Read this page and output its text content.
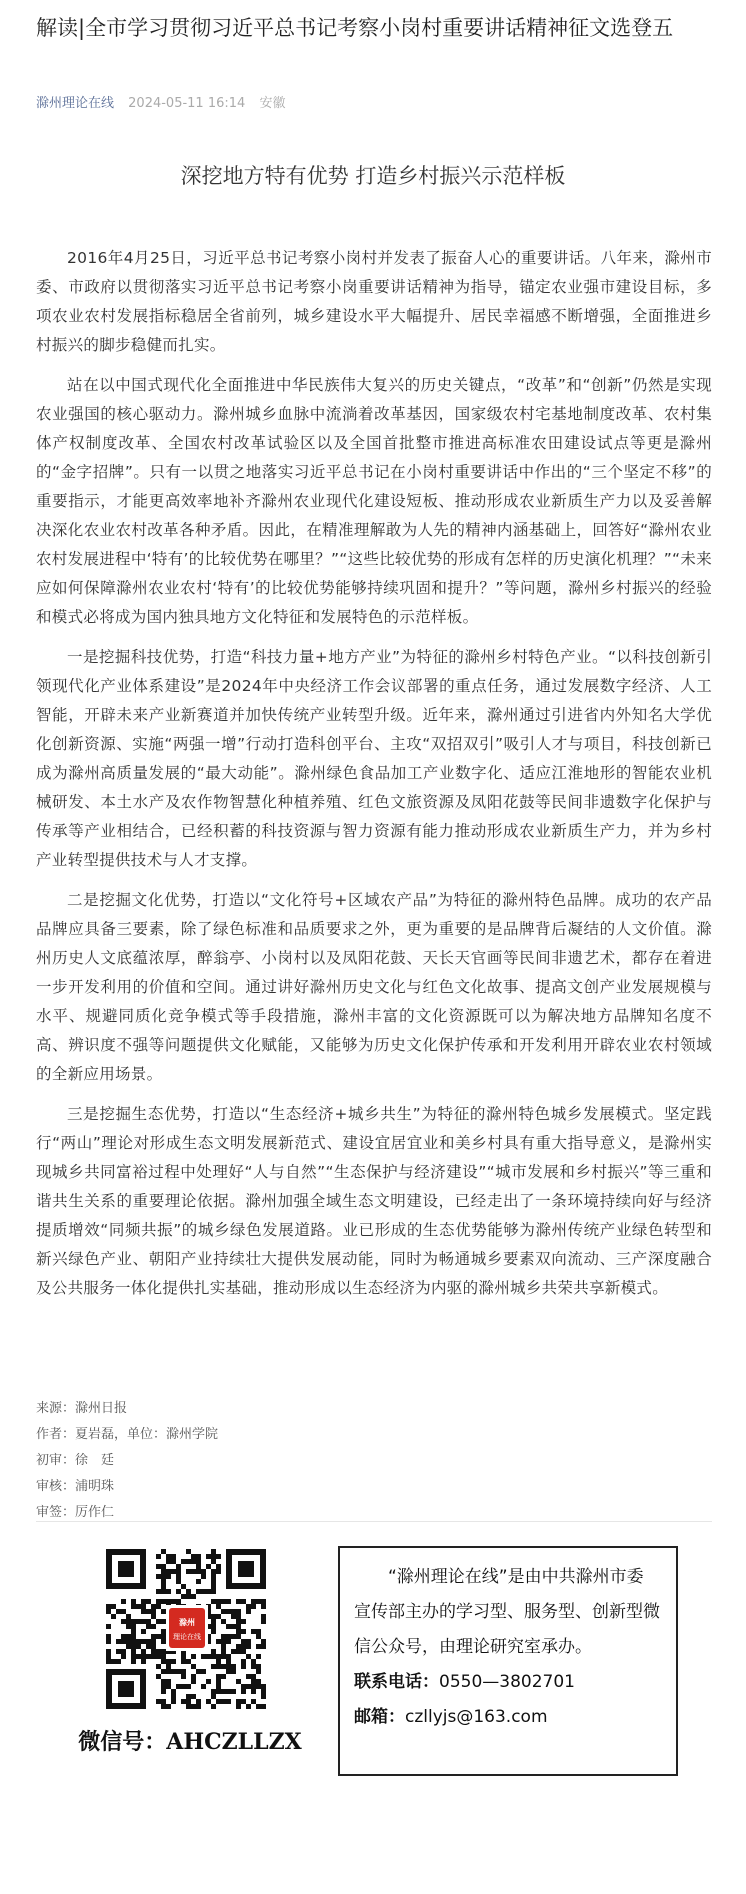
解读|全市学习贯彻习近平总书记考察小岗村重要讲话精神征文选登五
滁州理论在线 2024-05-11 16:14 安徽
深挖地方特有优势 打造乡村振兴示范样板

2016年4月25日，习近平总书记考察小岗村并发表了振奋人心的重要讲话。八年来，滁州市委、市政府以贯彻落实习近平总书记考察小岗重要讲话精神为指导，锚定农业强市建设目标，多项农业农村发展指标稳居全省前列，城乡建设水平大幅提升、居民幸福感不断增强，全面推进乡村振兴的脚步稳健而扎实。

站在以中国式现代化全面推进中华民族伟大复兴的历史关键点，“改革”和“创新”仍然是实现农业强国的核心驱动力。滁州城乡血脉中流淌着改革基因，国家级农村宅基地制度改革、农村集体产权制度改革、全国农村改革试验区以及全国首批整市推进高标准农田建设试点等更是滁州的“金字招牌”。只有一以贯之地落实习近平总书记在小岗村重要讲话中作出的“三个坚定不移”的重要指示，才能更高效率地补齐滁州农业现代化建设短板、推动形成农业新质生产力以及妥善解决深化农业农村改革各种矛盾。因此，在精准理解敢为人先的精神内涵基础上，回答好“滁州农业农村发展进程中‘特有’的比较优势在哪里？”“这些比较优势的形成有怎样的历史演化机理？”“未来应如何保障滁州农业农村‘特有’的比较优势能够持续巩固和提升？”等问题，滁州乡村振兴的经验和模式必将成为国内独具地方文化特征和发展特色的示范样板。

一是挖掘科技优势，打造“科技力量+地方产业”为特征的滁州乡村特色产业。“以科技创新引领现代化产业体系建设”是2024年中央经济工作会议部署的重点任务，通过发展数字经济、人工智能，开辟未来产业新赛道并加快传统产业转型升级。近年来，滁州通过引进省内外知名大学优化创新资源、实施“两强一增”行动打造科创平台、主攻“双招双引”吸引人才与项目，科技创新已成为滁州高质量发展的“最大动能”。滁州绿色食品加工产业数字化、适应江淮地形的智能农业机械研发、本土水产及农作物智慧化种植养殖、红色文旅资源及凤阳花鼓等民间非遗数字化保护与传承等产业相结合，已经积蓄的科技资源与智力资源有能力推动形成农业新质生产力，并为乡村产业转型提供技术与人才支撑。

二是挖掘文化优势，打造以“文化符号+区域农产品”为特征的滁州特色品牌。成功的农产品品牌应具备三要素，除了绿色标准和品质要求之外，更为重要的是品牌背后凝结的人文价值。滁州历史人文底蕴浓厚，醉翁亭、小岗村以及凤阳花鼓、天长天官画等民间非遗艺术，都存在着进一步开发利用的价值和空间。通过讲好滁州历史文化与红色文化故事、提高文创产业发展规模与水平、规避同质化竞争模式等手段措施，滁州丰富的文化资源既可以为解决地方品牌知名度不高、辨识度不强等问题提供文化赋能，又能够为历史文化保护传承和开发利用开辟农业农村领域的全新应用场景。

三是挖掘生态优势，打造以“生态经济+城乡共生”为特征的滁州特色城乡发展模式。坚定践行“两山”理论对形成生态文明发展新范式、建设宜居宜业和美乡村具有重大指导意义，是滁州实现城乡共同富裕过程中处理好“人与自然”“生态保护与经济建设”“城市发展和乡村振兴”等三重和谐共生关系的重要理论依据。滁州加强全域生态文明建设，已经走出了一条环境持续向好与经济提质增效“同频共振”的城乡绿色发展道路。业已形成的生态优势能够为滁州传统产业绿色转型和新兴绿色产业、朝阳产业持续壮大提供发展动能，同时为畅通城乡要素双向流动、三产深度融合及公共服务一体化提供扎实基础，推动形成以生态经济为内驱的滁州城乡共荣共享新模式。

来源：滁州日报
作者：夏岩磊，单位：滁州学院
初审：徐　廷
审核：浦明珠
审签：厉作仁
滁州
理论在线
微信号：AHCZLLZX

“滁州理论在线”是由中共滁州市委宣传部主办的学习型、服务型、创新型微信公众号，由理论研究室承办。

联系电话：0550—3802701

邮箱：czllyjs@163.com
